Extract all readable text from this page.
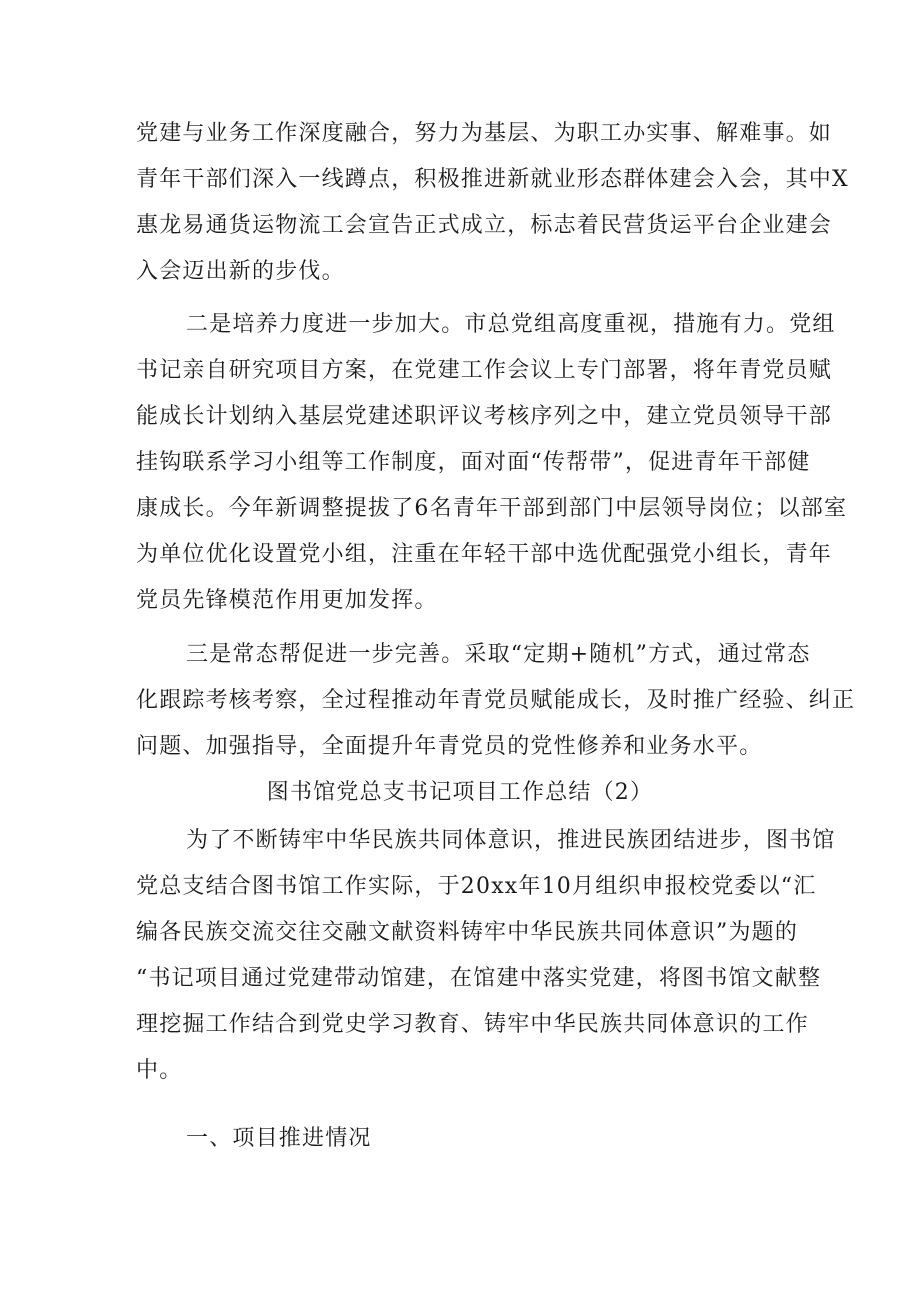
党建与业务工作深度融合，努力为基层、为职工办实事、解难事。如
青年干部们深入一线蹲点，积极推进新就业形态群体建会入会，其中X
惠龙易通货运物流工会宣告正式成立，标志着民营货运平台企业建会
入会迈出新的步伐。
二是培养力度进一步加大。市总党组高度重视，措施有力。党组
书记亲自研究项目方案，在党建工作会议上专门部署，将年青党员赋
能成长计划纳入基层党建述职评议考核序列之中，建立党员领导干部
挂钩联系学习小组等工作制度，面对面“传帮带”，促进青年干部健
康成长。今年新调整提拔了6名青年干部到部门中层领导岗位；以部室
为单位优化设置党小组，注重在年轻干部中选优配强党小组长，青年
党员先锋模范作用更加发挥。
三是常态帮促进一步完善。采取“定期+随机”方式，通过常态
化跟踪考核考察，全过程推动年青党员赋能成长，及时推广经验、纠正
问题、加强指导，全面提升年青党员的党性修养和业务水平。
图书馆党总支书记项目工作总结（2）
为了不断铸牢中华民族共同体意识，推进民族团结进步，图书馆
党总支结合图书馆工作实际，于20xx年10月组织申报校党委以“汇
编各民族交流交往交融文献资料铸牢中华民族共同体意识”为题的
“书记项目通过党建带动馆建，在馆建中落实党建，将图书馆文献整
理挖掘工作结合到党史学习教育、铸牢中华民族共同体意识的工作
中。
一、项目推进情况
